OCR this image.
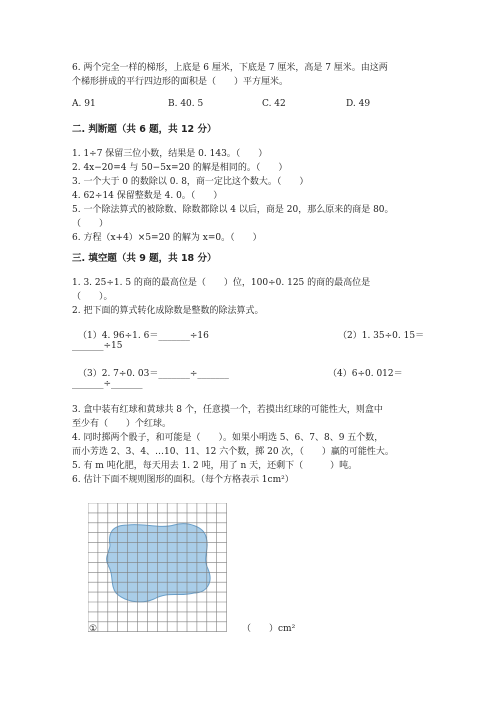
6. 两个完全一样的梯形，上底是 6 厘米，下底是 7 厘米，高是 7 厘米。由这两
个梯形拼成的平行四边形的面积是（　　）平方厘米。
A. 91	B. 40. 5	C. 42	D. 49
二. 判断题（共 6 题，共 12 分）
1. 1÷7 保留三位小数，结果是 0. 143。（　　）
2. 4x−20=4 与 50−5x=20 的解是相同的。（　　）
3. 一个大于 0 的数除以 0. 8，商一定比这个数大。（　　）
4. 62÷14 保留整数是 4. 0。（　　）
5. 一个除法算式的被除数、除数都除以 4 以后，商是 20，那么原来的商是 80。
（　　）
6. 方程（x+4）×5=20 的解为 x=0。（　　）
三. 填空题（共 9 题，共 18 分）
1. 3. 25÷1. 5 的商的最高位是（　　）位，100÷0. 125 的商的最高位是
（　　）。
2. 把下面的算式转化成除数是整数的除法算式。
（1）4. 96÷1. 6＝_______÷16	（2）1. 35÷0. 15＝
_______÷15
（3）2. 7÷0. 03＝_______÷_______	（4）6÷0. 012＝
_______÷_______
3. 盒中装有红球和黄球共 8 个，任意摸一个，若摸出红球的可能性大，则盒中
至少有（　　）个红球。
4. 同时掷两个骰子，和可能是（　　）。如果小明选 5、6、7、8、9 五个数，
而小芳选 2、3、4、…10、11、12 六个数，掷 20 次，（　　）赢的可能性大。
5. 有 m 吨化肥，每天用去 1. 2 吨，用了 n 天，还剩下（　　　）吨。
6. 估计下面不规则图形的面积。（每个方格表示 1cm²）
①	（　　）cm²
